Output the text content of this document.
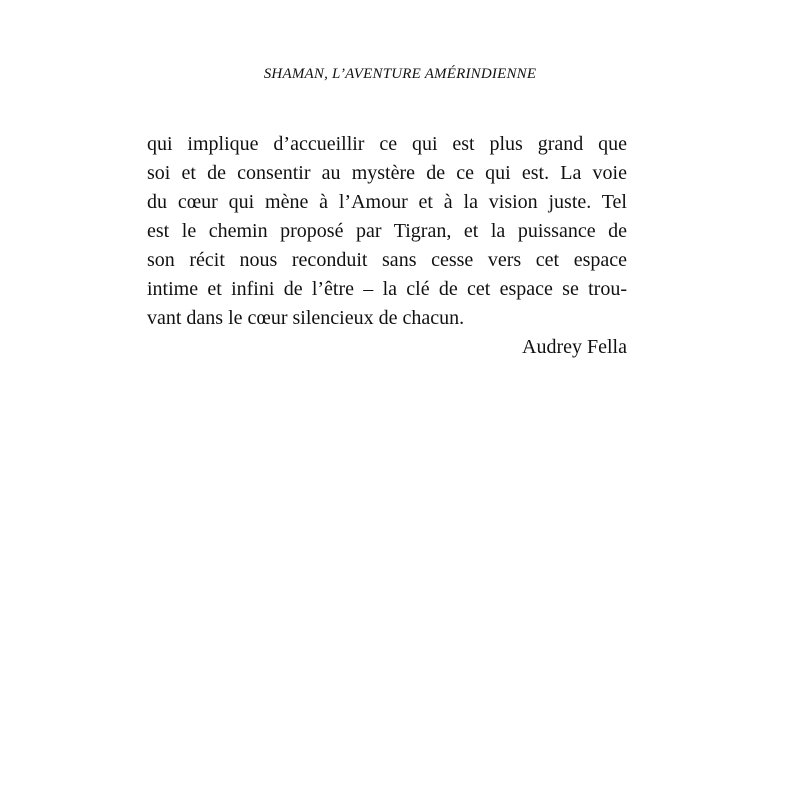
SHAMAN, L’AVENTURE AMÉRINDIENNE
qui implique d’accueillir ce qui est plus grand que
soi et de consentir au mystère de ce qui est. La voie
du cœur qui mène à l’Amour et à la vision juste. Tel
est le chemin proposé par Tigran, et la puissance de
son récit nous reconduit sans cesse vers cet espace
intime et infini de l’être – la clé de cet espace se trou-
vant dans le cœur silencieux de chacun.
Audrey Fella
